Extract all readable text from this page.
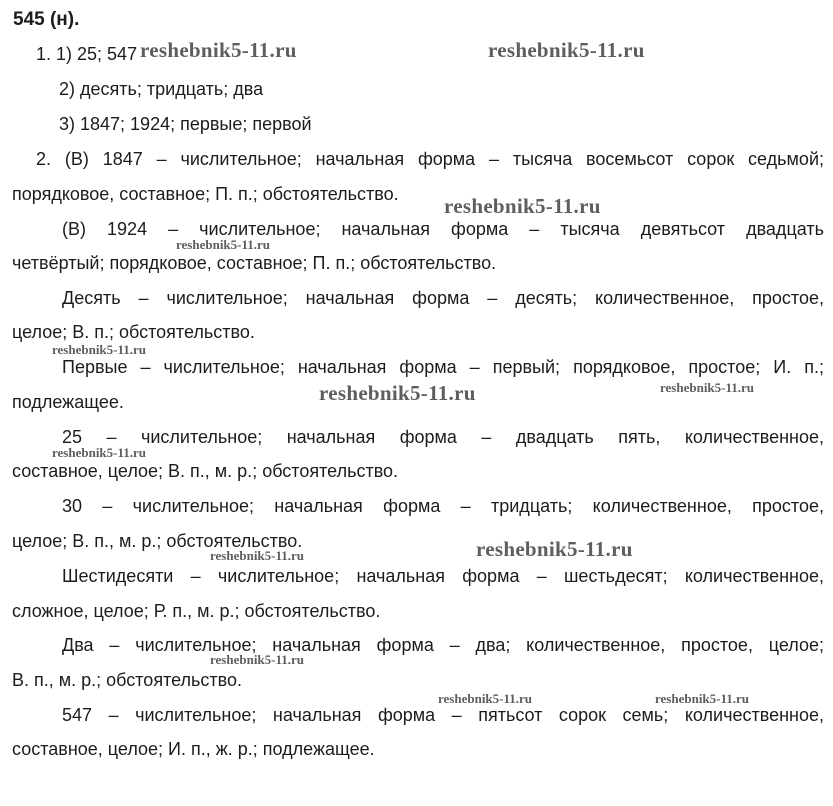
545 (н).
1. 1) 25; 547
2) десять; тридцать; два
3) 1847; 1924; первые; первой
2. (В) 1847 – числительное; начальная форма – тысяча восемьсот сорок седьмой;
порядковое, составное; П. п.; обстоятельство.
(В) 1924 – числительное; начальная форма – тысяча девятьсот двадцать
четвёртый; порядковое, составное; П. п.; обстоятельство.
Десять – числительное; начальная форма – десять; количественное, простое,
целое; В. п.; обстоятельство.
Первые – числительное; начальная форма – первый; порядковое, простое; И. п.;
подлежащее.
25 – числительное; начальная форма – двадцать пять, количественное,
составное, целое; В. п., м. р.; обстоятельство.
30 – числительное; начальная форма – тридцать; количественное, простое,
целое; В. п., м. р.; обстоятельство.
Шестидесяти – числительное; начальная форма – шестьдесят; количественное,
сложное, целое; Р. п., м. р.; обстоятельство.
Два – числительное; начальная форма – два; количественное, простое, целое;
В. п., м. р.; обстоятельство.
547 – числительное; начальная форма – пятьсот сорок семь; количественное,
составное, целое; И. п., ж. р.; подлежащее.
reshebnik5-11.ru	reshebnik5-11.ru
reshebnik5-11.ru
reshebnik5-11.ru
reshebnik5-11.ru
reshebnik5-11.ru	reshebnik5-11.ru
reshebnik5-11.ru
reshebnik5-11.ru	reshebnik5-11.ru
reshebnik5-11.ru
reshebnik5-11.ru	reshebnik5-11.ru
